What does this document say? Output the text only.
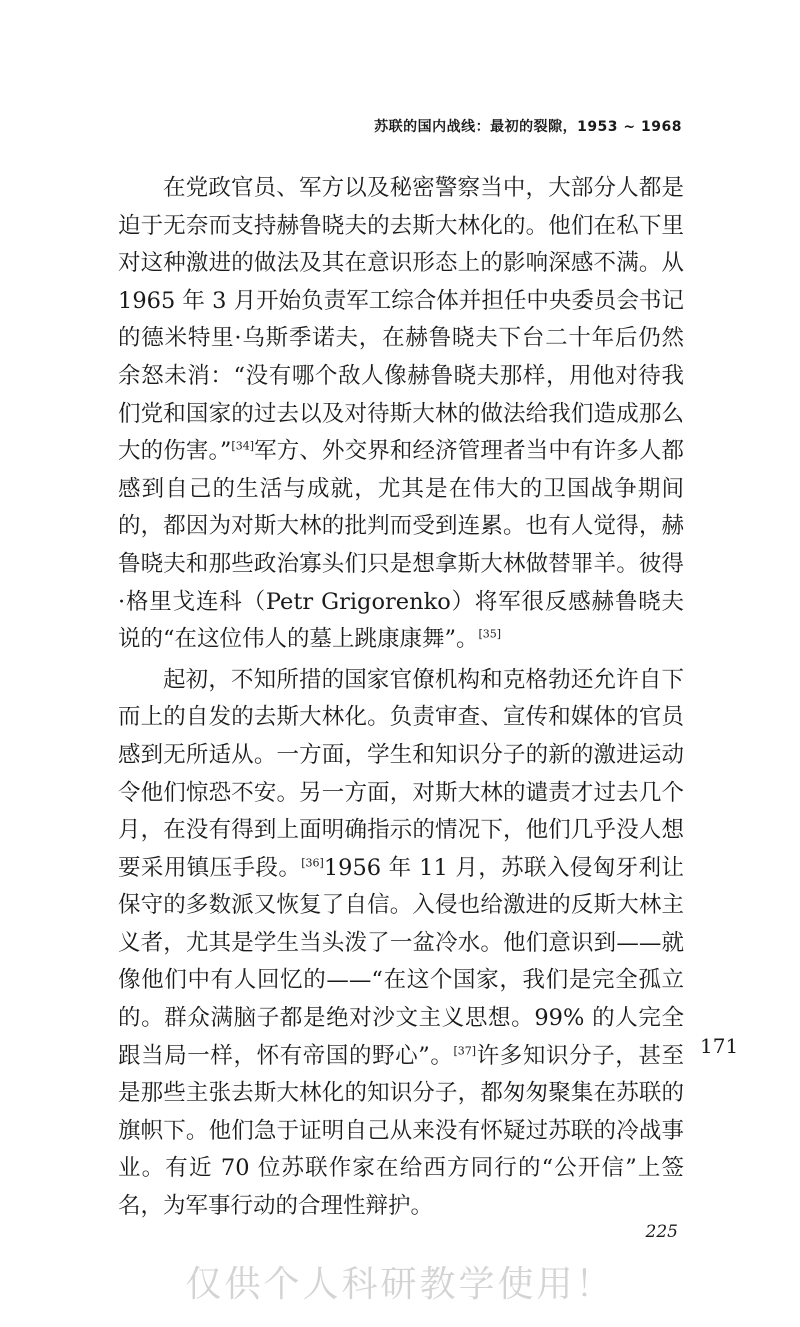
苏联的国内战线：最初的裂隙，1953 ~ 1968

在党政官员、军方以及秘密警察当中，大部分人都是迫于无奈而支持赫鲁晓夫的去斯大林化的。他们在私下里对这种激进的做法及其在意识形态上的影响深感不满。从 1965 年 3 月开始负责军工综合体并担任中央委员会书记的德米特里·乌斯季诺夫，在赫鲁晓夫下台二十年后仍然余怒未消：“没有哪个敌人像赫鲁晓夫那样，用他对待我们党和国家的过去以及对待斯大林的做法给我们造成那么大的伤害。”[34]军方、外交界和经济管理者当中有许多人都感到自己的生活与成就，尤其是在伟大的卫国战争期间的，都因为对斯大林的批判而受到连累。也有人觉得，赫鲁晓夫和那些政治寡头们只是想拿斯大林做替罪羊。彼得·格里戈连科（Petr Grigorenko）将军很反感赫鲁晓夫说的“在这位伟人的墓上跳康康舞”。[35]

起初，不知所措的国家官僚机构和克格勃还允许自下而上的自发的去斯大林化。负责审查、宣传和媒体的官员感到无所适从。一方面，学生和知识分子的新的激进运动令他们惊恐不安。另一方面，对斯大林的谴责才过去几个月，在没有得到上面明确指示的情况下，他们几乎没人想要采用镇压手段。[36]1956 年 11 月，苏联入侵匈牙利让保守的多数派又恢复了自信。入侵也给激进的反斯大林主义者，尤其是学生当头泼了一盆冷水。他们意识到——就像他们中有人回忆的——“在这个国家，我们是完全孤立的。群众满脑子都是绝对沙文主义思想。99% 的人完全跟当局一样，怀有帝国的野心”。[37]许多知识分子，甚至是那些主张去斯大林化的知识分子，都匆匆聚集在苏联的旗帜下。他们急于证明自己从来没有怀疑过苏联的冷战事业。有近 70 位苏联作家在给西方同行的“公开信”上签名，为军事行动的合理性辩护。

171
225
仅供个人科研教学使用！
